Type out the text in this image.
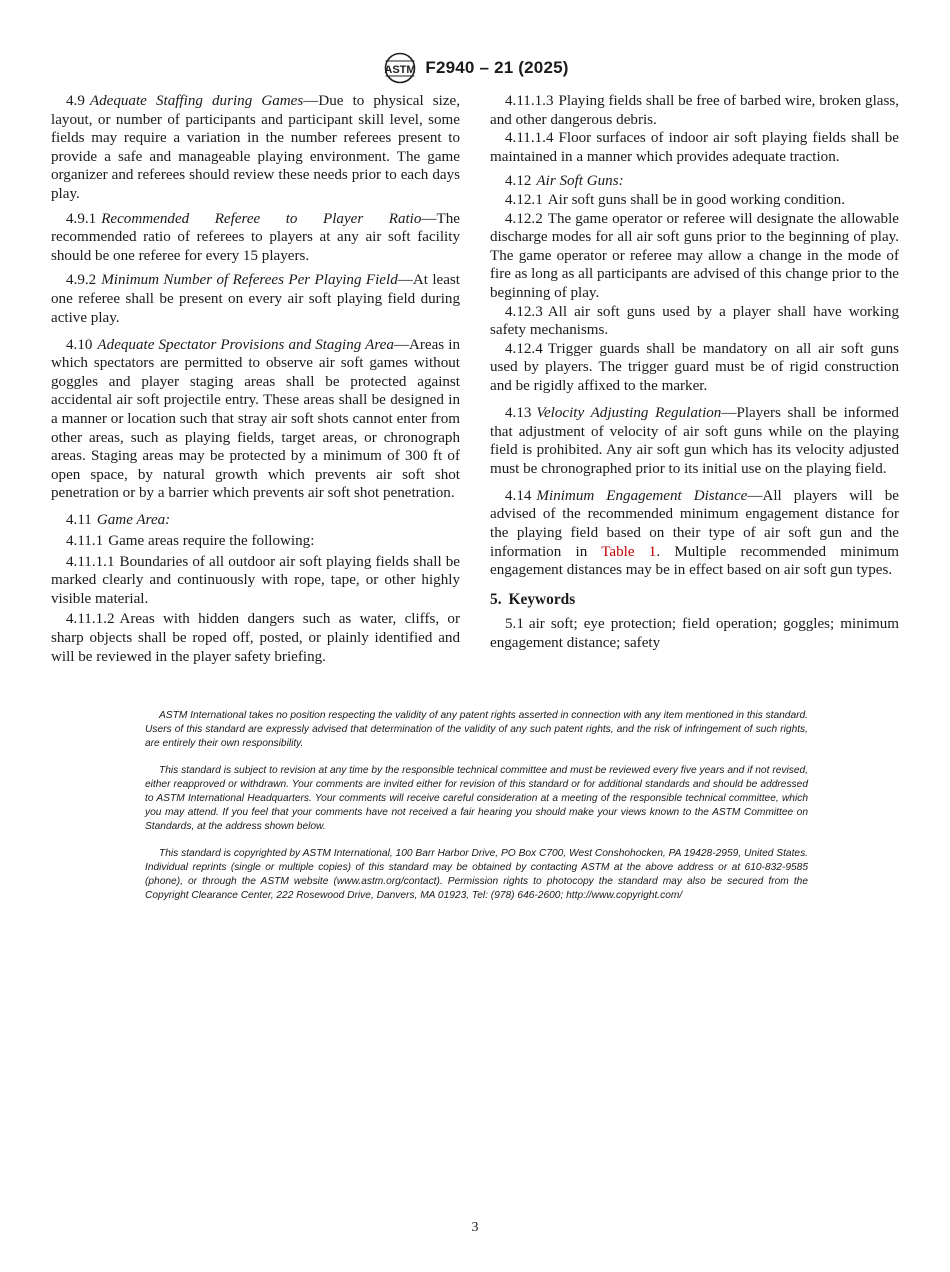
ASTM F2940 – 21 (2025)

4.9 Adequate Staffing during Games—Due to physical size, layout, or number of participants and participant skill level, some fields may require a variation in the number referees present to provide a safe and manageable playing environment. The game organizer and referees should review these needs prior to each days play.

4.9.1 Recommended Referee to Player Ratio—The recommended ratio of referees to players at any air soft facility should be one referee for every 15 players.

4.9.2 Minimum Number of Referees Per Playing Field—At least one referee shall be present on every air soft playing field during active play.

4.10 Adequate Spectator Provisions and Staging Area—Areas in which spectators are permitted to observe air soft games without goggles and player staging areas shall be protected against accidental air soft projectile entry. These areas shall be designed in a manner or location such that stray air soft shots cannot enter from other areas, such as playing fields, target areas, or chronograph areas. Staging areas may be protected by a minimum of 300 ft of open space, by natural growth which prevents air soft shot penetration or by a barrier which prevents air soft shot penetration.

4.11 Game Area:

4.11.1 Game areas require the following:

4.11.1.1 Boundaries of all outdoor air soft playing fields shall be marked clearly and continuously with rope, tape, or other highly visible material.

4.11.1.2 Areas with hidden dangers such as water, cliffs, or sharp objects shall be roped off, posted, or plainly identified and will be reviewed in the player safety briefing.

4.11.1.3 Playing fields shall be free of barbed wire, broken glass, and other dangerous debris.

4.11.1.4 Floor surfaces of indoor air soft playing fields shall be maintained in a manner which provides adequate traction.

4.12 Air Soft Guns:

4.12.1 Air soft guns shall be in good working condition.

4.12.2 The game operator or referee will designate the allowable discharge modes for all air soft guns prior to the beginning of play. The game operator or referee may allow a change in the mode of fire as long as all participants are advised of this change prior to the beginning of play.

4.12.3 All air soft guns used by a player shall have working safety mechanisms.

4.12.4 Trigger guards shall be mandatory on all air soft guns used by players. The trigger guard must be of rigid construction and be rigidly affixed to the marker.

4.13 Velocity Adjusting Regulation—Players shall be informed that adjustment of velocity of air soft guns while on the playing field is prohibited. Any air soft gun which has its velocity adjusted must be chronographed prior to its initial use on the playing field.

4.14 Minimum Engagement Distance—All players will be advised of the recommended minimum engagement distance for the playing field based on their type of air soft gun and the information in Table 1. Multiple recommended minimum engagement distances may be in effect based on air soft gun types.

5. Keywords

5.1 air soft; eye protection; field operation; goggles; minimum engagement distance; safety

ASTM International takes no position respecting the validity of any patent rights asserted in connection with any item mentioned in this standard. Users of this standard are expressly advised that determination of the validity of any such patent rights, and the risk of infringement of such rights, are entirely their own responsibility.

This standard is subject to revision at any time by the responsible technical committee and must be reviewed every five years and if not revised, either reapproved or withdrawn. Your comments are invited either for revision of this standard or for additional standards and should be addressed to ASTM International Headquarters. Your comments will receive careful consideration at a meeting of the responsible technical committee, which you may attend. If you feel that your comments have not received a fair hearing you should make your views known to the ASTM Committee on Standards, at the address shown below.

This standard is copyrighted by ASTM International, 100 Barr Harbor Drive, PO Box C700, West Conshohocken, PA 19428-2959, United States. Individual reprints (single or multiple copies) of this standard may be obtained by contacting ASTM at the above address or at 610-832-9585 (phone), or through the ASTM website (www.astm.org/contact). Permission rights to photocopy the standard may also be secured from the Copyright Clearance Center, 222 Rosewood Drive, Danvers, MA 01923, Tel: (978) 646-2600; http://www.copyright.com/

3
